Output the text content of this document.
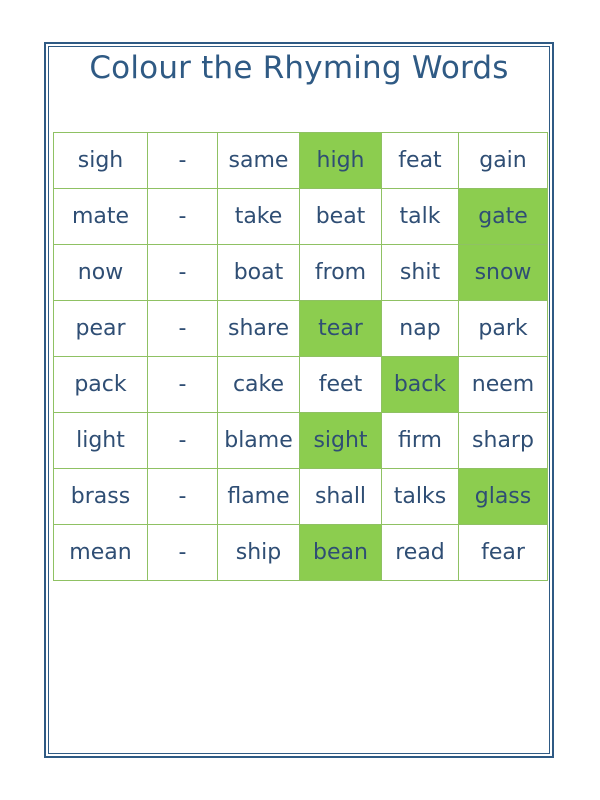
Colour the Rhyming Words
sigh	-	same	high	feat	gain
mate	-	take	beat	talk	gate
now	-	boat	from	shit	snow
pear	-	share	tear	nap	park
pack	-	cake	feet	back	neem
light	-	blame	sight	firm	sharp
brass	-	flame	shall	talks	glass
mean	-	ship	bean	read	fear
